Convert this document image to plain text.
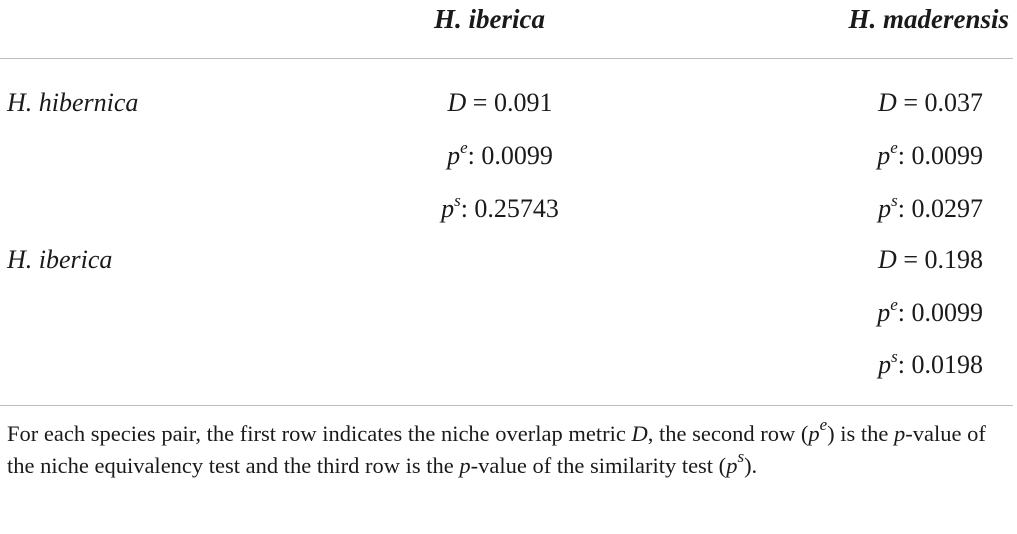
H. iberica	H. maderensis
H. hibernica
H. iberica
D = 0.091
$p^e$: 0.0099
$p^s$: 0.25743
D = 0.037
$p^e$: 0.0099
$p^s$: 0.0297
D = 0.198
$p^e$: 0.0099
$p^s$: 0.0198
For each species pair, the first row indicates the niche overlap metric D, the second row $(p^e)$ is the p-value of the niche equivalency test and the third row is the p-value of the similarity test $(p^s)$.
